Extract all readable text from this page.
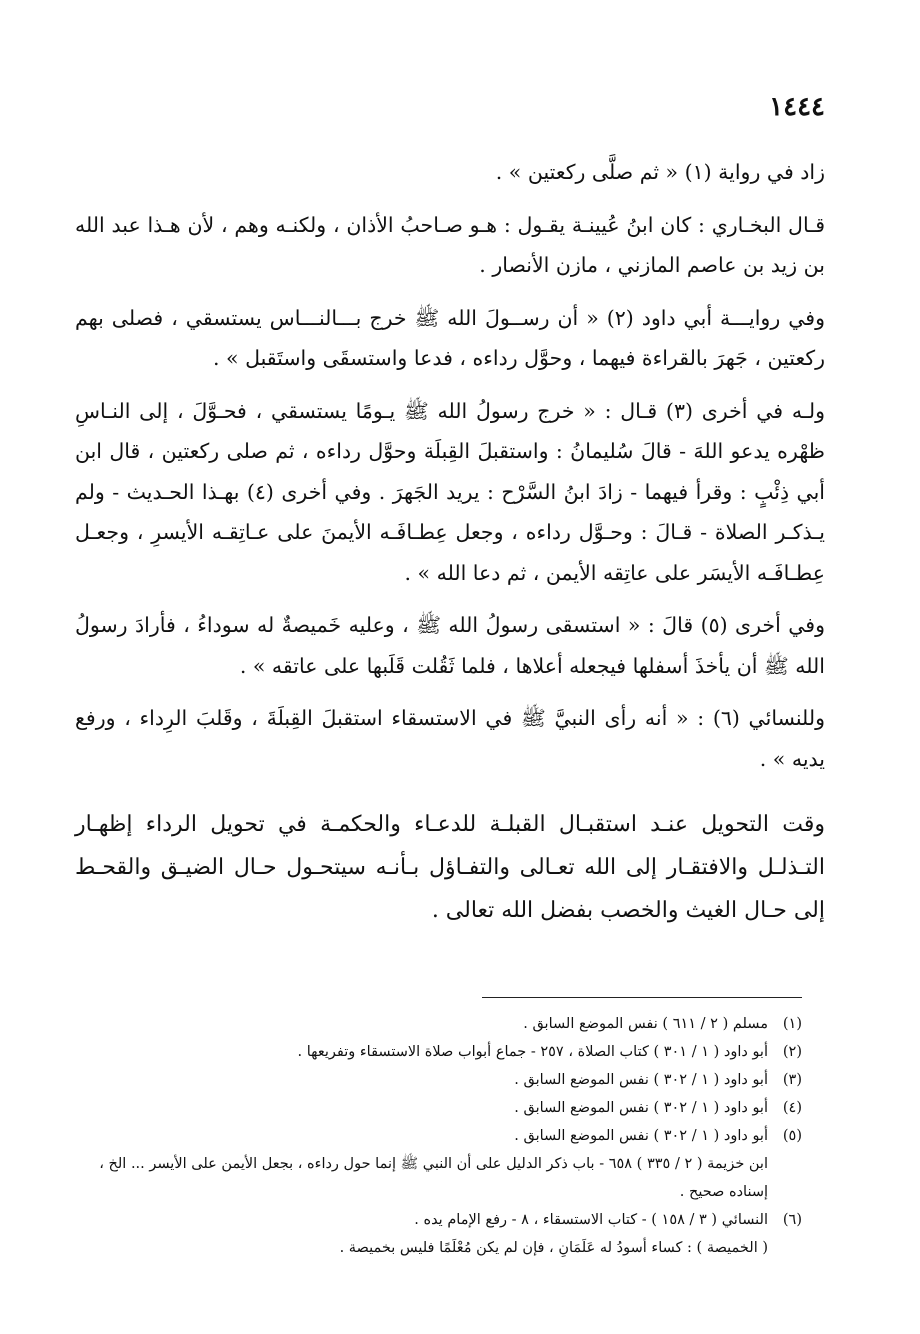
١٤٤٤

زاد في رواية (١) « ثم صلَّى ركعتين » .

قـال البخـاري : كان ابنُ عُيينـة يقـول : هـو صـاحبُ الأذان ، ولكنـه وهم ، لأن هـذا عبد الله بن زيد بن عاصم المازني ، مازن الأنصار .

وفي روايـــة أبي داود (٢) « أن رســولَ الله ﷺ خرج بـــالنـــاس يستسقي ، فصلى بهم ركعتين ، جَهرَ بالقراءة فيهما ، وحوَّل رداءه ، فدعا واستسقَى واستَقبل » .

ولـه في أخرى (٣) قـال : « خرج رسولُ الله ﷺ يـومًا يستسقي ، فحـوَّلَ ، إلى النـاسِ ظهْره يدعو اللهَ - قالَ سُليمانُ : واستقبلَ القِبلَة وحوَّل رداءه ، ثم صلى ركعتين ، قال ابن أبي ذِئْبٍ : وقرأ فيهما - زادَ ابنُ السَّرْح : يريد الجَهرَ . وفي أخرى (٤) بهـذا الحـديث - ولم يـذكـر الصلاة - قـالَ : وحـوَّل رداءه ، وجعل عِطـافَـه الأيمنَ على عـاتِقـه الأيسرِ ، وجعـل عِطـافَـه الأيسَر على عاتِقه الأيمن ، ثم دعا الله » .

وفي أخرى (٥) قالَ : « استسقى رسولُ الله ﷺ ، وعليه خَميصةٌ له سوداءُ ، فأرادَ رسولُ الله ﷺ أن يأخذَ أسفلها فيجعله أعلاها ، فلما ثَقُلت قَلَبها على عاتقه » .

وللنسائي (٦) : « أنه رأى النبيَّ ﷺ في الاستسقاء استقبلَ القِبلَةَ ، وقَلبَ الرِداء ، ورفع يديه » .

وقت التحويل عنـد استقبـال القبلـة للدعـاء والحكمـة في تحويل الرداء إظهـار التـذلـل والافتقـار إلى الله تعـالى والتفـاؤل بـأنـه سيتحـول حـال الضيـق والقحـط إلى حـال الغيث والخصب بفضل الله تعالى .

(١)
مسلم ( ٢ / ٦١١ ) نفس الموضع السابق .
(٢)
أبو داود ( ١ / ٣٠١ ) كتاب الصلاة ، ٢٥٧ - جماع أبواب صلاة الاستسقاء وتفريعها .
(٣)
أبو داود ( ١ / ٣٠٢ ) نفس الموضع السابق .
(٤)
أبو داود ( ١ / ٣٠٢ ) نفس الموضع السابق .
(٥)
أبو داود ( ١ / ٣٠٢ ) نفس الموضع السابق .
ابن خزيمة ( ٢ / ٣٣٥ ) ٦٥٨ - باب ذكر الدليل على أن النبي ﷺ إنما حول رداءه ، بجعل الأيمن على الأيسر ... الخ ، إسناده صحيح .
(٦)
النسائي ( ٣ / ١٥٨ ) - كتاب الاستسقاء ، ٨ - رفع الإمام يده .
( الخميصة ) : كساء أسودُ له عَلَمَانِ ، فإن لم يكن مُعْلَمًا فليس بخميصة .
